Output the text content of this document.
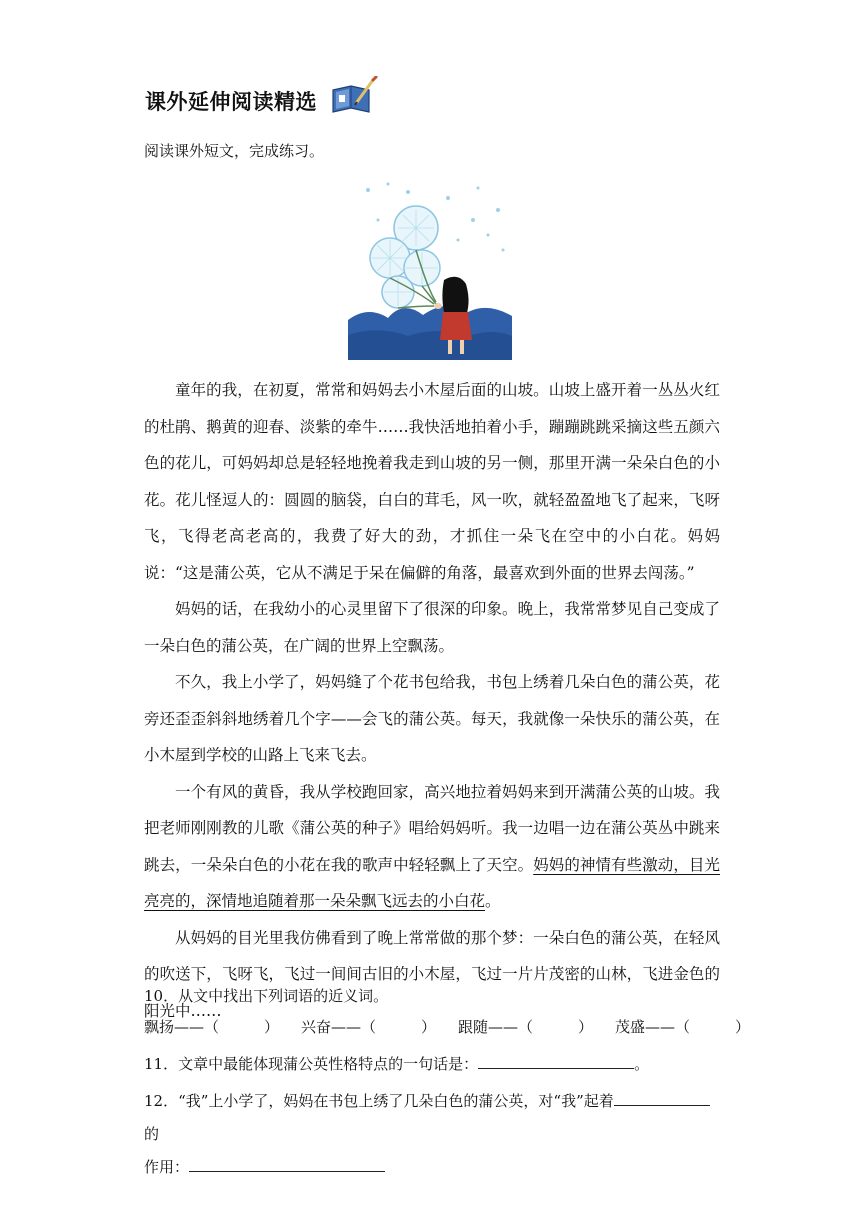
课外延伸阅读精选
阅读课外短文，完成练习。

童年的我，在初夏，常常和妈妈去小木屋后面的山坡。山坡上盛开着一丛丛火红的杜鹃、鹅黄的迎春、淡紫的牵牛……我快活地拍着小手，蹦蹦跳跳采摘这些五颜六色的花儿，可妈妈却总是轻轻地挽着我走到山坡的另一侧，那里开满一朵朵白色的小花。花儿怪逗人的：圆圆的脑袋，白白的茸毛，风一吹，就轻盈盈地飞了起来，飞呀飞，飞得老高老高的，我费了好大的劲，才抓住一朵飞在空中的小白花。妈妈说：“这是蒲公英，它从不满足于呆在偏僻的角落，最喜欢到外面的世界去闯荡。”

妈妈的话，在我幼小的心灵里留下了很深的印象。晚上，我常常梦见自己变成了一朵白色的蒲公英，在广阔的世界上空飘荡。

不久，我上小学了，妈妈缝了个花书包给我，书包上绣着几朵白色的蒲公英，花旁还歪歪斜斜地绣着几个字——会飞的蒲公英。每天，我就像一朵快乐的蒲公英，在小木屋到学校的山路上飞来飞去。

一个有风的黄昏，我从学校跑回家，高兴地拉着妈妈来到开满蒲公英的山坡。我把老师刚刚教的儿歌《蒲公英的种子》唱给妈妈听。我一边唱一边在蒲公英丛中跳来跳去，一朵朵白色的小花在我的歌声中轻轻飘上了天空。妈妈的神情有些激动，目光亮亮的，深情地追随着那一朵朵飘飞远去的小白花。

从妈妈的目光里我仿佛看到了晚上常常做的那个梦：一朵白色的蒲公英，在轻风的吹送下，飞呀飞，飞过一间间古旧的小木屋，飞过一片片茂密的山林，飞进金色的阳光中……

10．从文中找出下列词语的近义词。
飘扬——（　　　） 兴奋——（　　　） 跟随——（　　　） 茂盛——（　　　）
11．文章中最能体现蒲公英性格特点的一句话是：	。
12．“我”上小学了，妈妈在书包上绣了几朵白色的蒲公英，对“我”起着的
作用：
